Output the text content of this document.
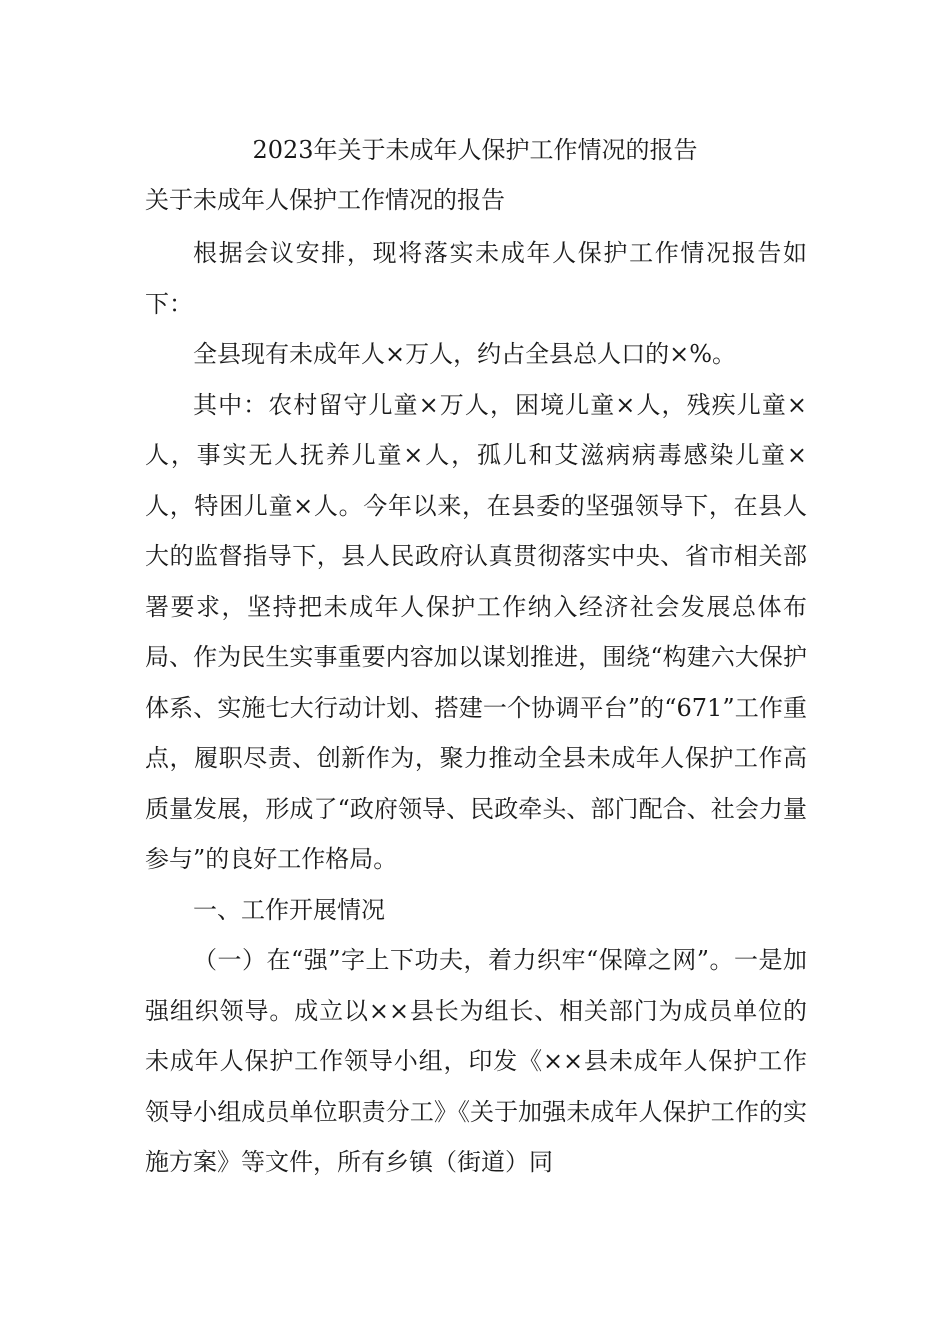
2023年关于未成年人保护工作情况的报告
关于未成年人保护工作情况的报告

根据会议安排，现将落实未成年人保护工作情况报告如下：

全县现有未成年人×万人，约占全县总人口的×%。

其中：农村留守儿童×万人，困境儿童×人，残疾儿童×人，事实无人抚养儿童×人，孤儿和艾滋病病毒感染儿童×人，特困儿童×人。今年以来，在县委的坚强领导下，在县人大的监督指导下，县人民政府认真贯彻落实中央、省市相关部署要求，坚持把未成年人保护工作纳入经济社会发展总体布局、作为民生实事重要内容加以谋划推进，围绕“构建六大保护体系、实施七大行动计划、搭建一个协调平台”的“671”工作重点，履职尽责、创新作为，聚力推动全县未成年人保护工作高质量发展，形成了“政府领导、民政牵头、部门配合、社会力量参与”的良好工作格局。

一、工作开展情况

（一）在“强”字上下功夫，着力织牢“保障之网”。一是加强组织领导。成立以××县长为组长、相关部门为成员单位的未成年人保护工作领导小组，印发《××县未成年人保护工作领导小组成员单位职责分工》《关于加强未成年人保护工作的实施方案》等文件，所有乡镇（街道）同
